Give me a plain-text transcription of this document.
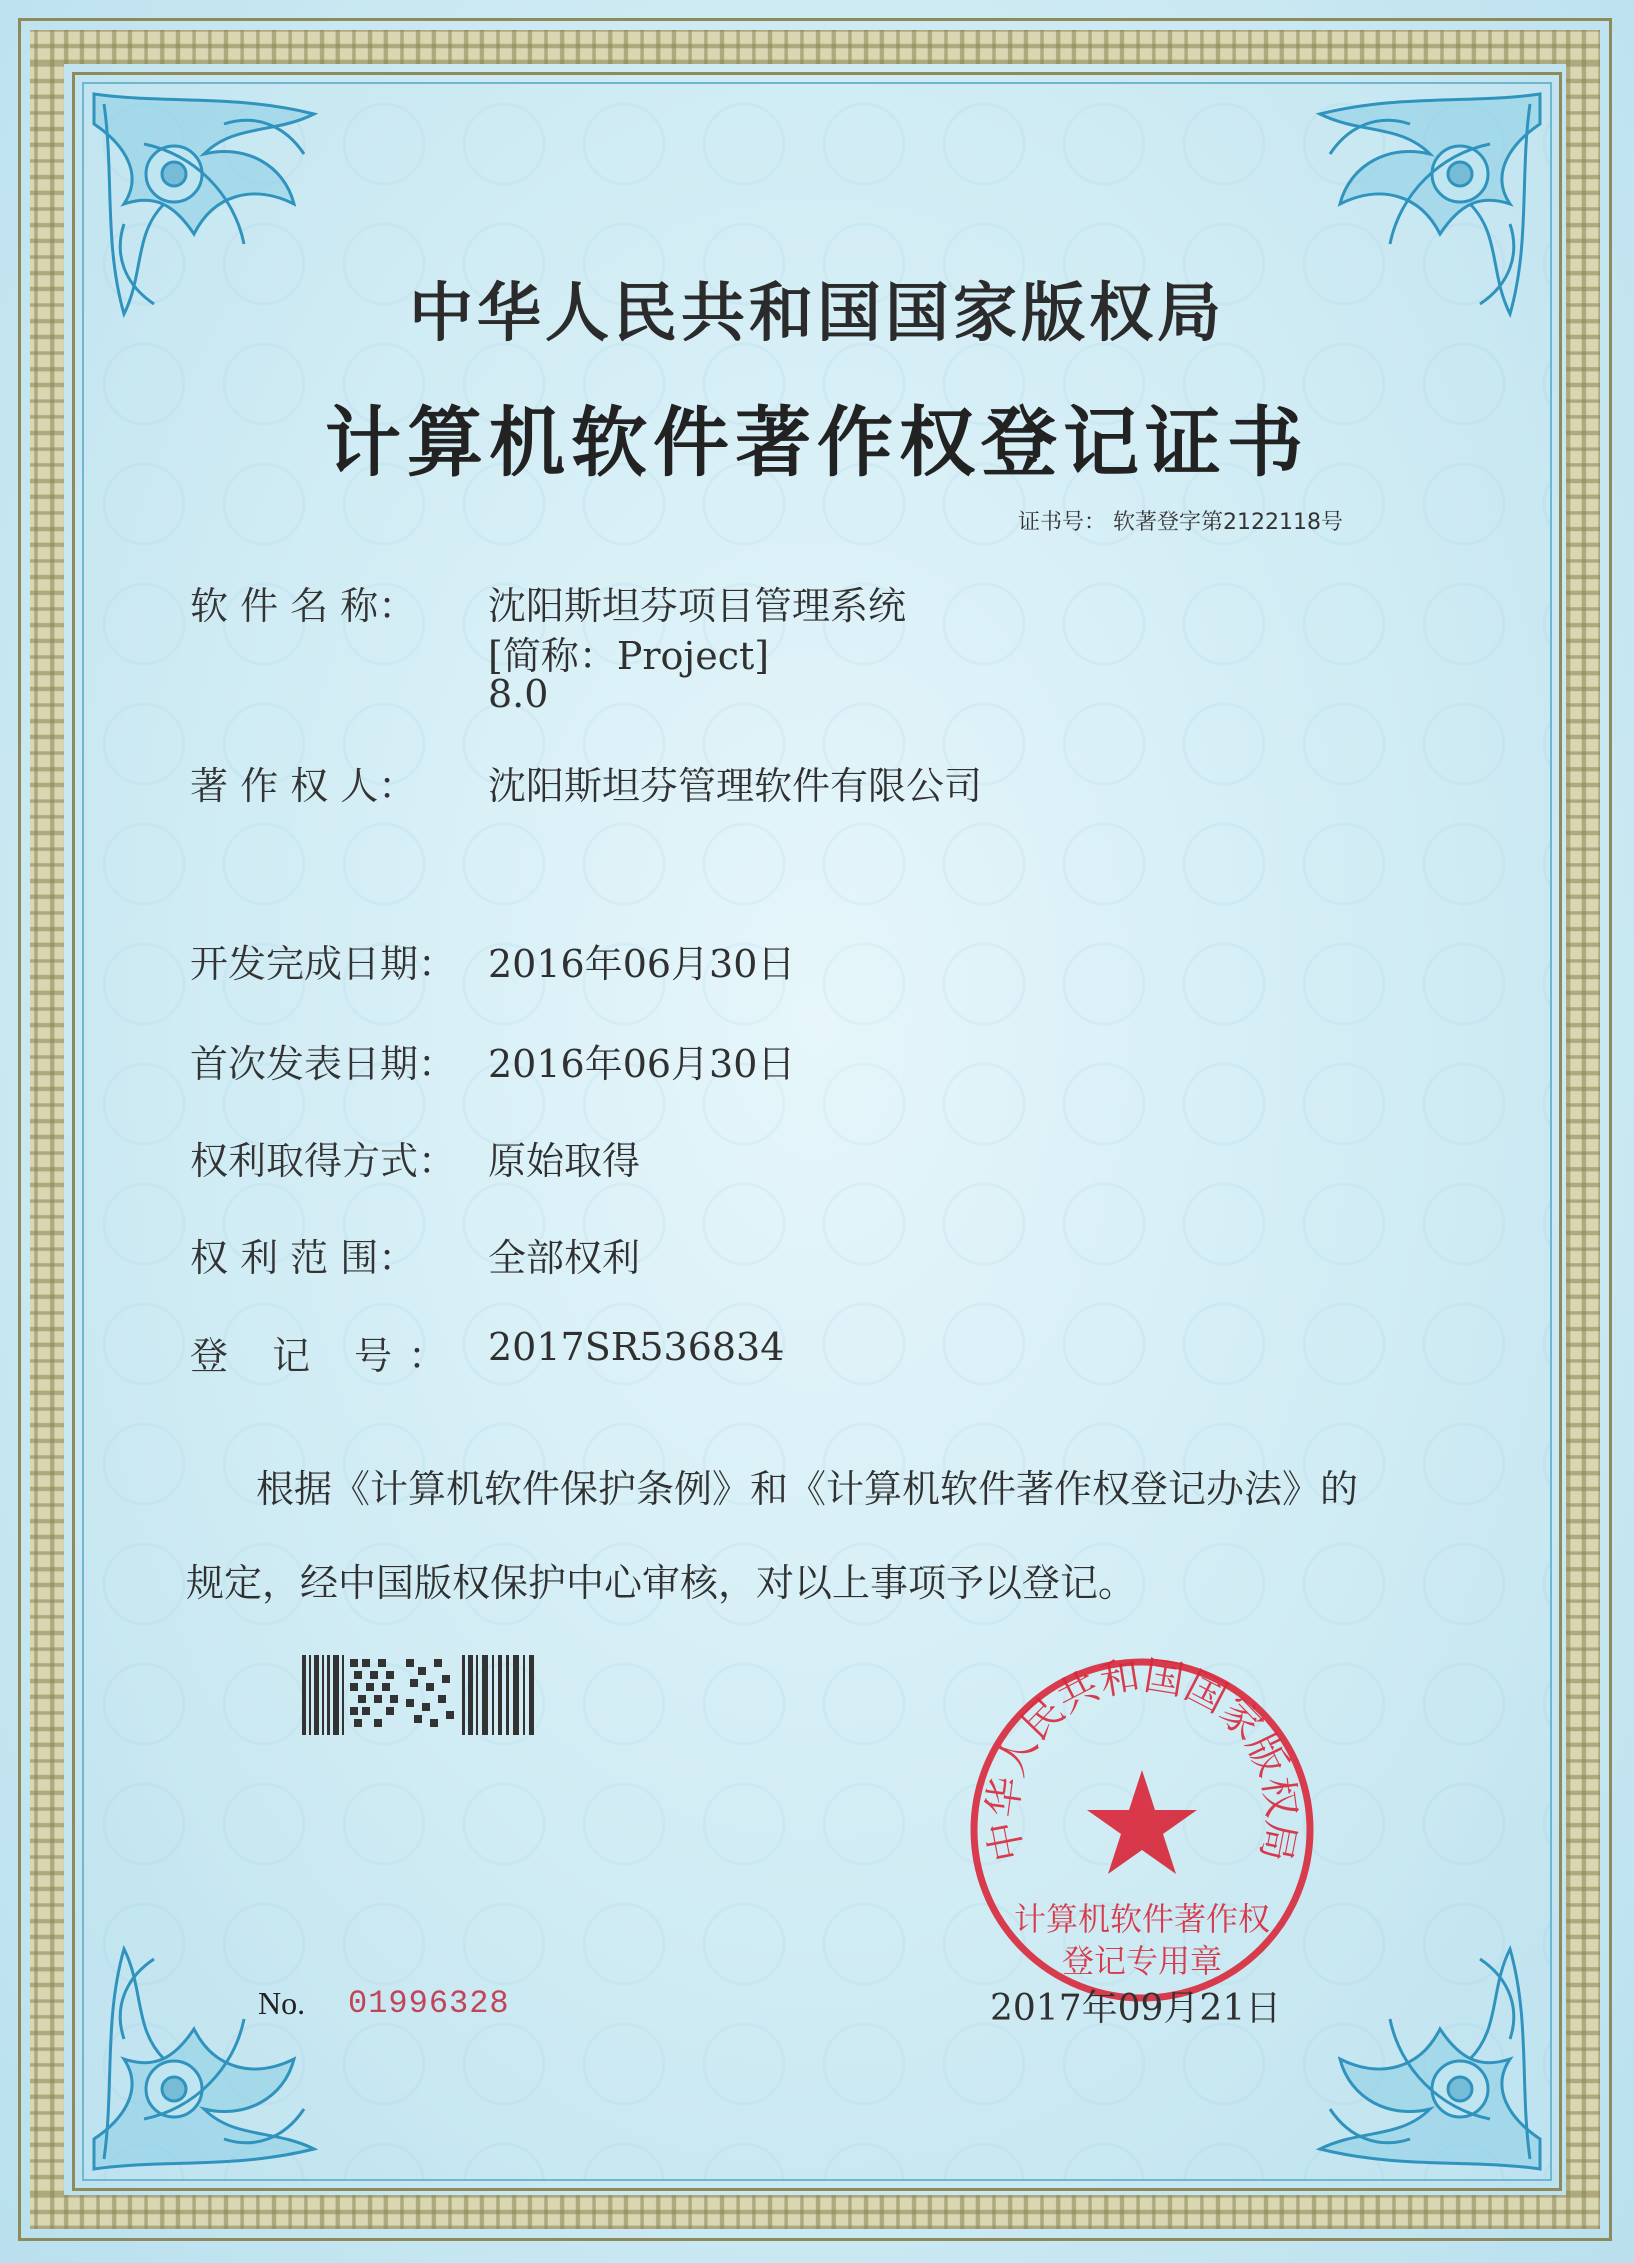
中华人民共和国国家版权局
计算机软件著作权登记证书
证书号： 软著登字第2122118号
软 件 名 称： 沈阳斯坦芬项目管理系统
[简称：Project]
8.0
著 作 权 人： 沈阳斯坦芬管理软件有限公司
开发完成日期： 2016年06月30日
首次发表日期： 2016年06月30日
权利取得方式： 原始取得
权 利 范 围： 全部权利
登 记 号： 2017SR536834
根据《计算机软件保护条例》和《计算机软件著作权登记办法》的
规定，经中国版权保护中心审核，对以上事项予以登记。
中华人民共和国国家版权局
计算机软件著作权
登记专用章
No. 01996328	2017年09月21日
